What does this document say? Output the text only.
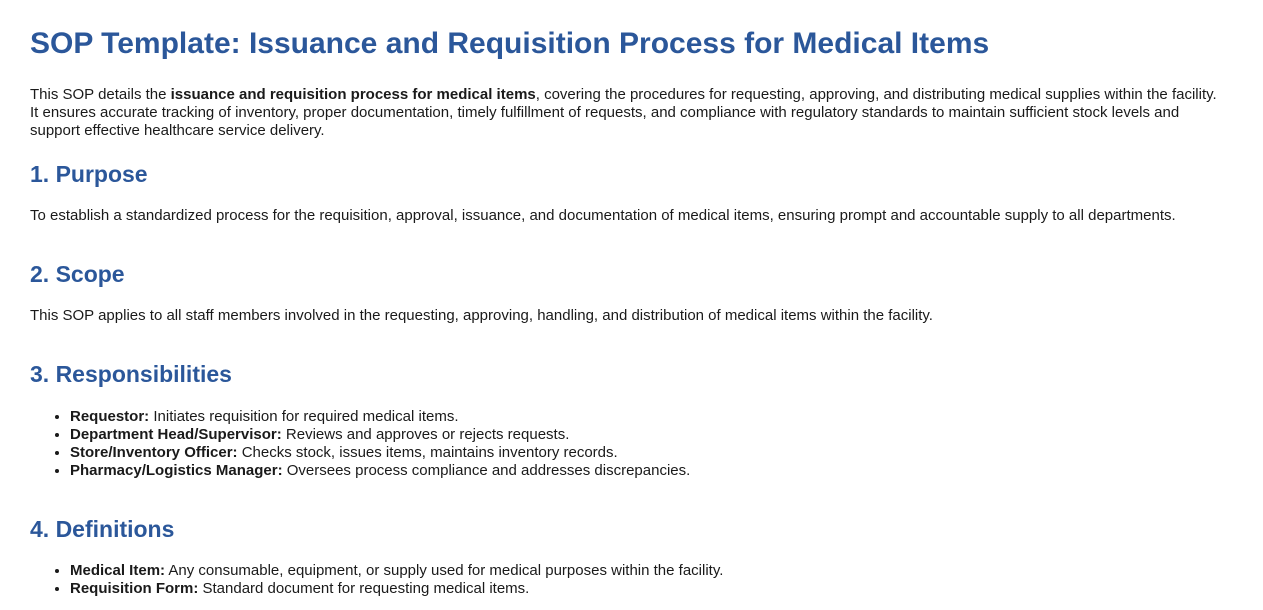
SOP Template: Issuance and Requisition Process for Medical Items

This SOP details the issuance and requisition process for medical items, covering the procedures for requesting, approving, and distributing medical supplies within the facility. It ensures accurate tracking of inventory, proper documentation, timely fulfillment of requests, and compliance with regulatory standards to maintain sufficient stock levels and support effective healthcare service delivery.

1. Purpose

To establish a standardized process for the requisition, approval, issuance, and documentation of medical items, ensuring prompt and accountable supply to all departments.

2. Scope

This SOP applies to all staff members involved in the requesting, approving, handling, and distribution of medical items within the facility.

3. Responsibilities
• Requestor: Initiates requisition for required medical items.
• Department Head/Supervisor: Reviews and approves or rejects requests.
• Store/Inventory Officer: Checks stock, issues items, maintains inventory records.
• Pharmacy/Logistics Manager: Oversees process compliance and addresses discrepancies.
4. Definitions
• Medical Item: Any consumable, equipment, or supply used for medical purposes within the facility.
• Requisition Form: Standard document for requesting medical items.
